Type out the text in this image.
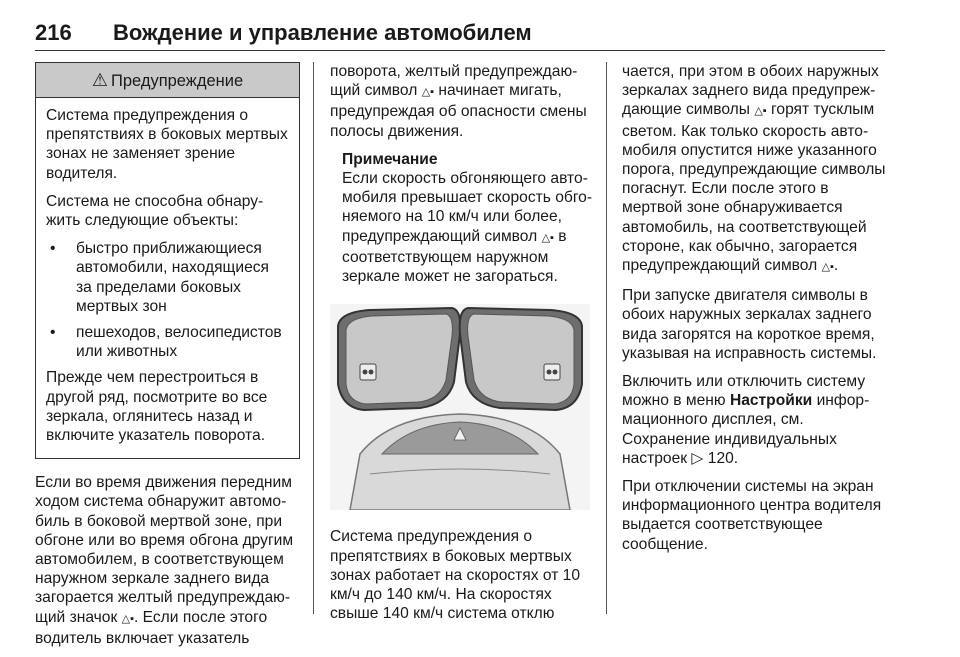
216 Вождение и управление автомобилем
⚠ Предупреждение

Система предупреждения о препятствиях в боковых мертвых зонах не заменяет зрение водителя.

Система не способна обнаружить следующие объекты:

• быстро приближающиеся автомобили, находящиеся за пределами боковых мертвых зон
• пешеходов, велосипедистов или животных

Прежде чем перестроиться в другой ряд, посмотрите во все зеркала, оглянитесь назад и включите указатель поворота.

Если во время движения передним ходом система обнаружит автомобиль в боковой мертвой зоне, при обгоне или во время обгона другим автомобилем, в соответствующем наружном зеркале заднего вида загорается желтый предупреждающий значок △▪. Если после этого водитель включает указатель

поворота, желтый предупреждающий символ △▪ начинает мигать, предупреждая об опасности смены полосы движения.

Примечание
Если скорость обгоняющего автомобиля превышает скорость обгоняемого на 10 км/ч или более, предупреждающий символ △▪ в соответствующем наружном зеркале может не загораться.

Система предупреждения о препятствиях в боковых мертвых зонах работает на скоростях от 10 км/ч до 140 км/ч. На скоростях свыше 140 км/ч система отклю

чается, при этом в обоих наружных зеркалах заднего вида предупреждающие символы △▪ горят тусклым светом. Как только скорость автомобиля опустится ниже указанного порога, предупреждающие символы погаснут. Если после этого в мертвой зоне обнаруживается автомобиль, на соответствующей стороне, как обычно, загорается предупреждающий символ △▪.

При запуске двигателя символы в обоих наружных зеркалах заднего вида загорятся на короткое время, указывая на исправность системы.

Включить или отключить систему можно в меню Настройки информационного дисплея, см. Сохранение индивидуальных настроек ▷ 120.

При отключении системы на экран информационного центра водителя выдается соответствующее сообщение.
